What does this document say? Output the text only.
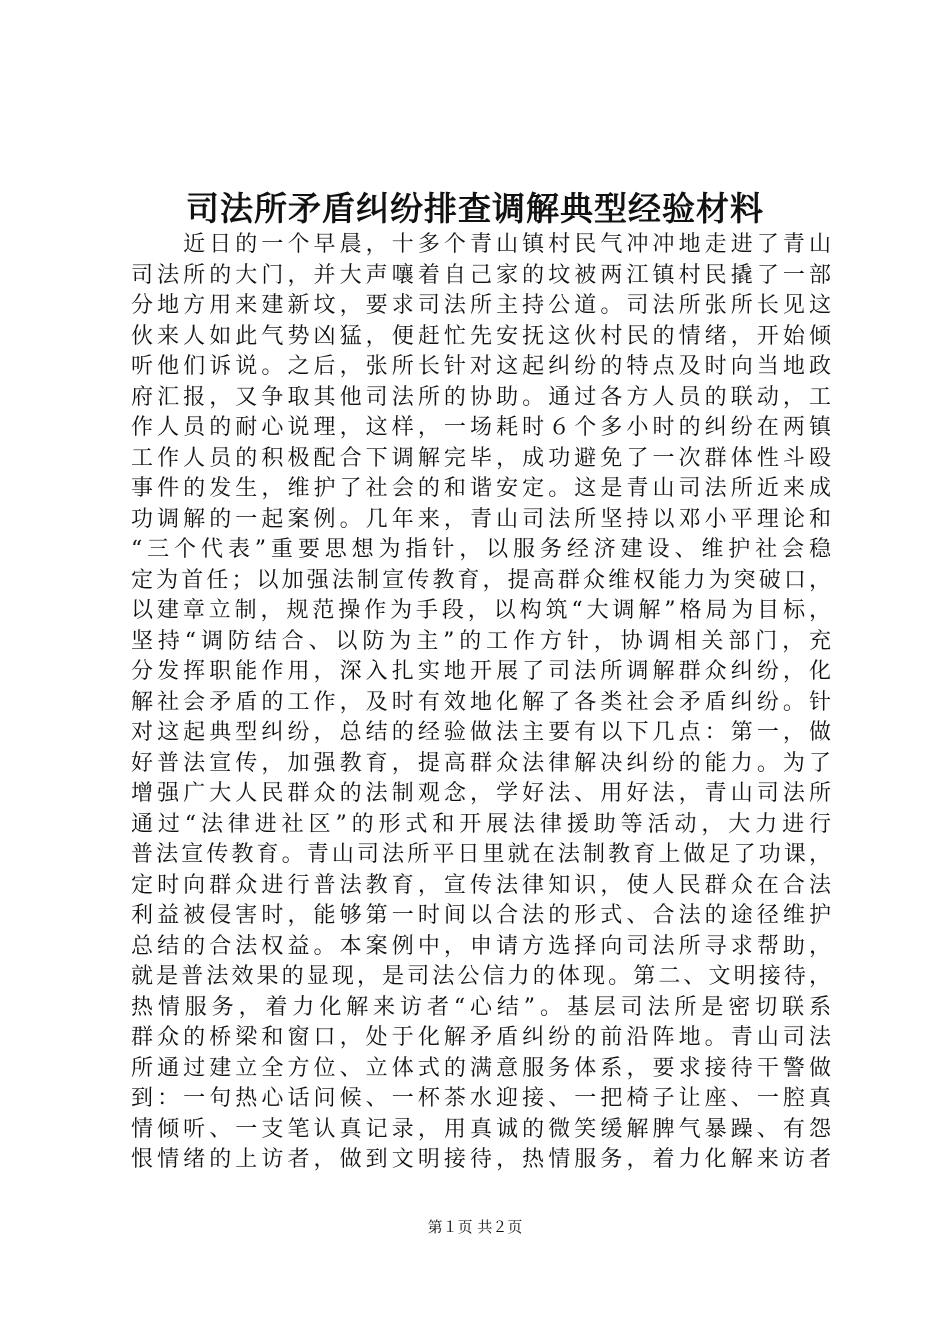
司法所矛盾纠纷排查调解典型经验材料
　　近日的一个早晨，十多个青山镇村民气冲冲地走进了青山
司法所的大门，并大声嚷着自己家的坟被两江镇村民撬了一部
分地方用来建新坟，要求司法所主持公道。司法所张所长见这
伙来人如此气势凶猛，便赶忙先安抚这伙村民的情绪，开始倾
听他们诉说。之后，张所长针对这起纠纷的特点及时向当地政
府汇报，又争取其他司法所的协助。通过各方人员的联动，工
作人员的耐心说理，这样，一场耗时６个多小时的纠纷在两镇
工作人员的积极配合下调解完毕，成功避免了一次群体性斗殴
事件的发生，维护了社会的和谐安定。这是青山司法所近来成
功调解的一起案例。几年来，青山司法所坚持以邓小平理论和
“三个代表”重要思想为指针，以服务经济建设、维护社会稳
定为首任；以加强法制宣传教育，提高群众维权能力为突破口，
以建章立制，规范操作为手段，以构筑“大调解”格局为目标，
坚持“调防结合、以防为主”的工作方针，协调相关部门，充
分发挥职能作用，深入扎实地开展了司法所调解群众纠纷，化
解社会矛盾的工作，及时有效地化解了各类社会矛盾纠纷。针
对这起典型纠纷，总结的经验做法主要有以下几点：第一，做
好普法宣传，加强教育，提高群众法律解决纠纷的能力。为了
增强广大人民群众的法制观念，学好法、用好法，青山司法所
通过“法律进社区”的形式和开展法律援助等活动，大力进行
普法宣传教育。青山司法所平日里就在法制教育上做足了功课，
定时向群众进行普法教育，宣传法律知识，使人民群众在合法
利益被侵害时，能够第一时间以合法的形式、合法的途径维护
总结的合法权益。本案例中，申请方选择向司法所寻求帮助，
就是普法效果的显现，是司法公信力的体现。第二、文明接待，
热情服务，着力化解来访者“心结”。基层司法所是密切联系
群众的桥梁和窗口，处于化解矛盾纠纷的前沿阵地。青山司法
所通过建立全方位、立体式的满意服务体系，要求接待干警做
到：一句热心话问候、一杯茶水迎接、一把椅子让座、一腔真
情倾听、一支笔认真记录，用真诚的微笑缓解脾气暴躁、有怨
恨情绪的上访者，做到文明接待，热情服务，着力化解来访者
第１页 共２页
